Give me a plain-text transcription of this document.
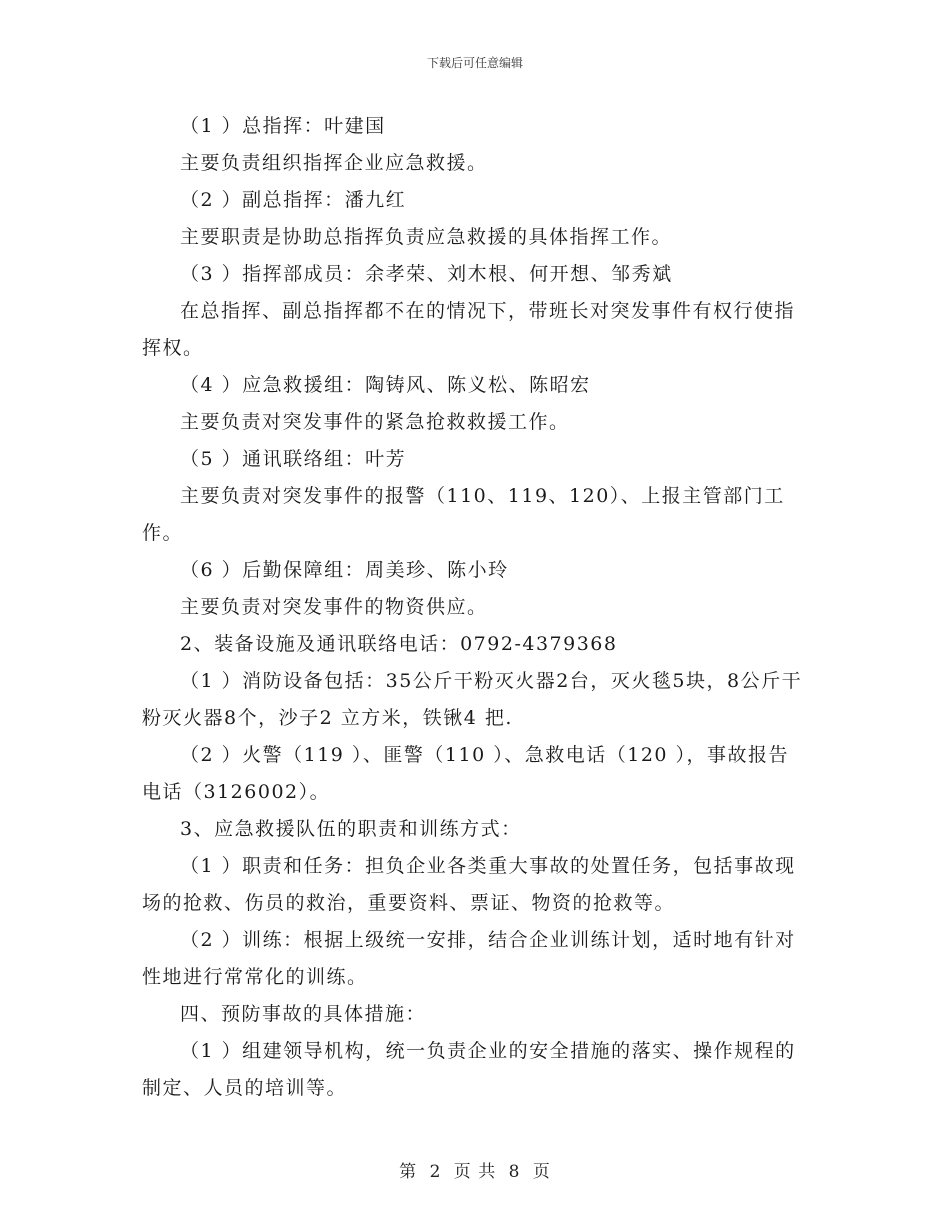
下载后可任意编辑

（1 ）总指挥：叶建国

主要负责组织指挥企业应急救援。

（2 ）副总指挥：潘九红

主要职责是协助总指挥负责应急救援的具体指挥工作。

（3 ）指挥部成员：余孝荣、刘木根、何开想、邹秀斌

在总指挥、副总指挥都不在的情况下，带班长对突发事件有权行使指挥权。

（4 ）应急救援组：陶铸风、陈义松、陈昭宏

主要负责对突发事件的紧急抢救救援工作。

（5 ）通讯联络组：叶芳

主要负责对突发事件的报警（110、119、120）、上报主管部门工作。

（6 ）后勤保障组：周美珍、陈小玲

主要负责对突发事件的物资供应。

2、装备设施及通讯联络电话：0792-4379368

（1 ）消防设备包括：35公斤干粉灭火器2台，灭火毯5块，8公斤干粉灭火器8个，沙子2 立方米，铁锹4 把.

（2 ）火警（119 ）、匪警（110 ）、急救电话（120 ），事故报告电话（3126002）。

3、应急救援队伍的职责和训练方式：

（1 ）职责和任务：担负企业各类重大事故的处置任务，包括事故现场的抢救、伤员的救治，重要资料、票证、物资的抢救等。

（2 ）训练：根据上级统一安排，结合企业训练计划，适时地有针对性地进行常常化的训练。

四、预防事故的具体措施：

（1 ）组建领导机构，统一负责企业的安全措施的落实、操作规程的制定、人员的培训等。

第 2 页 共 8 页
